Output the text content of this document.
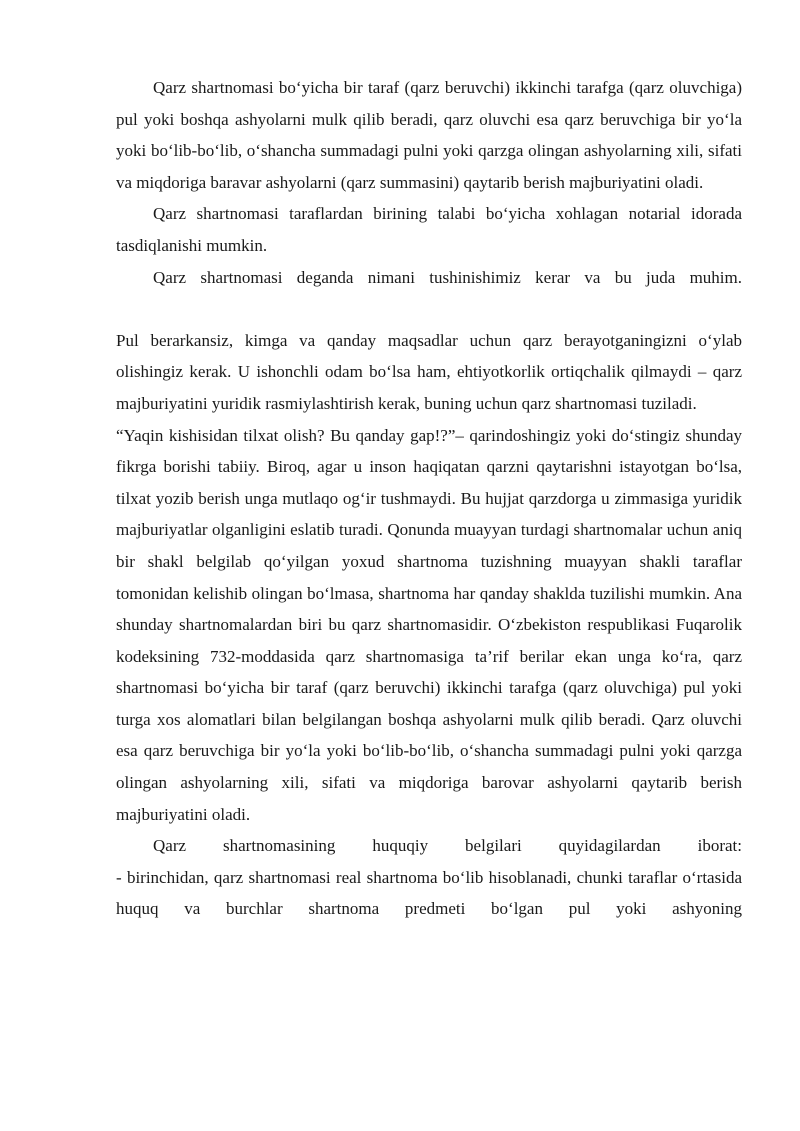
Qarz shartnomasi bo‘yicha bir taraf (qarz beruvchi) ikkinchi tarafga (qarz oluvchiga) pul yoki boshqa ashyolarni mulk qilib beradi, qarz oluvchi esa qarz beruvchiga bir yo‘la yoki bo‘lib-bo‘lib, o‘shancha summadagi pulni yoki qarzga olingan ashyolarning xili, sifati va miqdoriga baravar ashyolarni (qarz summasini) qaytarib berish majburiyatini oladi.

Qarz shartnomasi taraflardan birining talabi bo‘yicha xohlagan notarial idorada tasdiqlanishi mumkin.

Qarz shartnomasi deganda nimani tushinishimiz kerar va bu juda muhim.

Pul berarkansiz, kimga va qanday maqsadlar uchun qarz berayotganingizni o‘ylab olishingiz kerak. U ishonchli odam bo‘lsa ham, ehtiyotkorlik ortiqchalik qilmaydi – qarz majburiyatini yuridik rasmiylashtirish kerak, buning uchun qarz shartnomasi tuziladi.

“Yaqin kishisidan tilxat olish? Bu qanday gap!?”– qarindoshingiz yoki do‘stingiz shunday fikrga borishi tabiiy. Biroq, agar u inson haqiqatan qarzni qaytarishni istayotgan bo‘lsa, tilxat yozib berish unga mutlaqo og‘ir tushmaydi. Bu hujjat qarzdorga u zimmasiga yuridik majburiyatlar olganligini eslatib turadi. Qonunda muayyan turdagi shartnomalar uchun aniq bir shakl belgilab qo‘yilgan yoxud shartnoma tuzishning muayyan shakli taraflar tomonidan kelishib olingan bo‘lmasa, shartnoma har qanday shaklda tuzilishi mumkin. Ana shunday shartnomalardan biri bu qarz shartnomasidir. O‘zbekiston respublikasi Fuqarolik kodeksining 732-moddasida qarz shartnomasiga ta’rif berilar ekan unga ko‘ra, qarz shartnomasi bo‘yicha bir taraf (qarz beruvchi) ikkinchi tarafga (qarz oluvchiga) pul yoki turga xos alomatlari bilan belgilangan boshqa ashyolarni mulk qilib beradi. Qarz oluvchi esa qarz beruvchiga bir yo‘la yoki bo‘lib-bo‘lib, o‘shancha summadagi pulni yoki qarzga olingan ashyolarning xili, sifati va miqdoriga barovar ashyolarni qaytarib berish majburiyatini oladi.

Qarz shartnomasining huquqiy belgilari quyidagilardan iborat:

- birinchidan, qarz shartnomasi real shartnoma bo‘lib hisoblanadi, chunki taraflar o‘rtasida huquq va burchlar shartnoma predmeti bo‘lgan pul yoki ashyoning
